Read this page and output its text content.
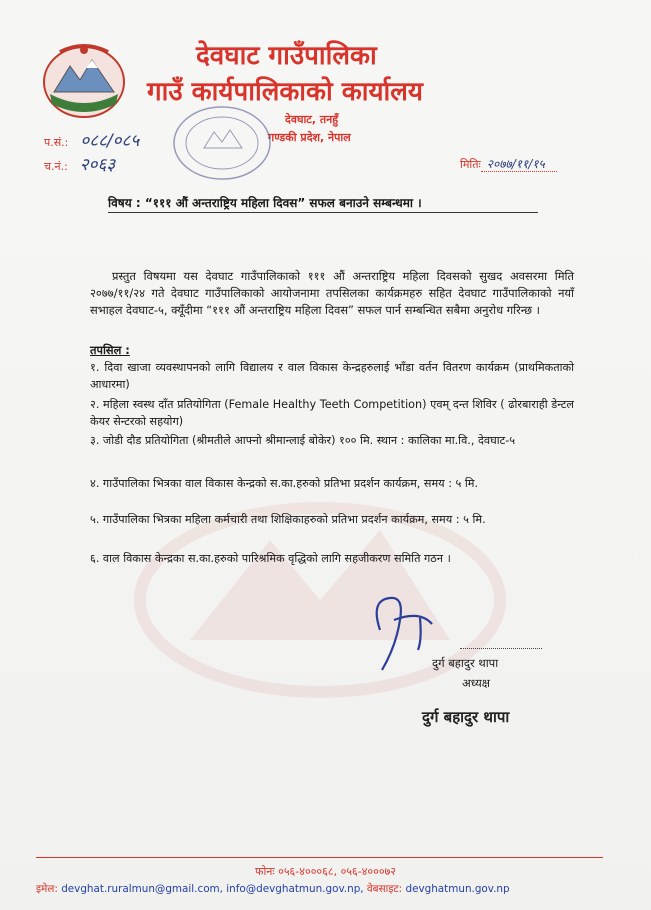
देवघाट गाउँपालिका
गाउँ कार्यपालिकाको कार्यालय
देवघाट, तनहुँ
गण्डकी प्रदेश, नेपाल
प.सं.: ०८८/०८५
च.नं.: २०६३	मितिः २०७७/११/१५
विषय : “१११ औं अन्तराष्ट्रिय महिला दिवस” सफल बनाउने सम्बन्धमा ।
प्रस्तुत विषयमा यस देवघाट गाउँपालिकाको १११ औं अन्तराष्ट्रिय महिला दिवसको सुखद अवसरमा मिति २०७७/११/२४ गते देवघाट गाउँपालिकाको आयोजनामा तपसिलका कार्यक्रमहरु सहित देवघाट गाउँपालिकाको नयाँ सभाहल देवघाट-५, क्यूँदीमा “१११ औं अन्तराष्ट्रिय महिला दिवस” सफल पार्न सम्बन्धित सबैमा अनुरोध गरिन्छ ।
तपसिल :
१. दिवा खाजा व्यवस्थापनको लागि विद्यालय र वाल विकास केन्द्रहरुलाई भाँडा वर्तन वितरण कार्यक्रम (प्राथमिकताको आधारमा)
२. महिला स्वस्थ दाँत प्रतियोगिता (Female Healthy Teeth Competition) एवम् दन्त शिविर ( ढोरबाराही डेन्टल केयर सेन्टरको सहयोग)
३. जोडी दौड प्रतियोगिता (श्रीमतीले आफ्नो श्रीमान्लाई बोकेर) १०० मि. स्थान : कालिका मा.वि., देवघाट-५
४. गाउँपालिका भित्रका वाल विकास केन्द्रको स.का.हरुको प्रतिभा प्रदर्शन कार्यक्रम, समय : ५ मि.
५. गाउँपालिका भित्रका महिला कर्मचारी तथा शिक्षिकाहरुको प्रतिभा प्रदर्शन कार्यक्रम, समय : ५ मि.
६. वाल विकास केन्द्रका स.का.हरुको पारिश्रमिक वृद्धिको लागि सहजीकरण समिति गठन ।
दुर्ग बहादुर थापा
अध्यक्ष
दुर्ग बहादुर थापा
फोनः ०५६-४०००६८, ०५६-४०००७२
इमेल: devghat.ruralmun@gmail.com, info@devghatmun.gov.np, वेबसाइट: devghatmun.gov.np
